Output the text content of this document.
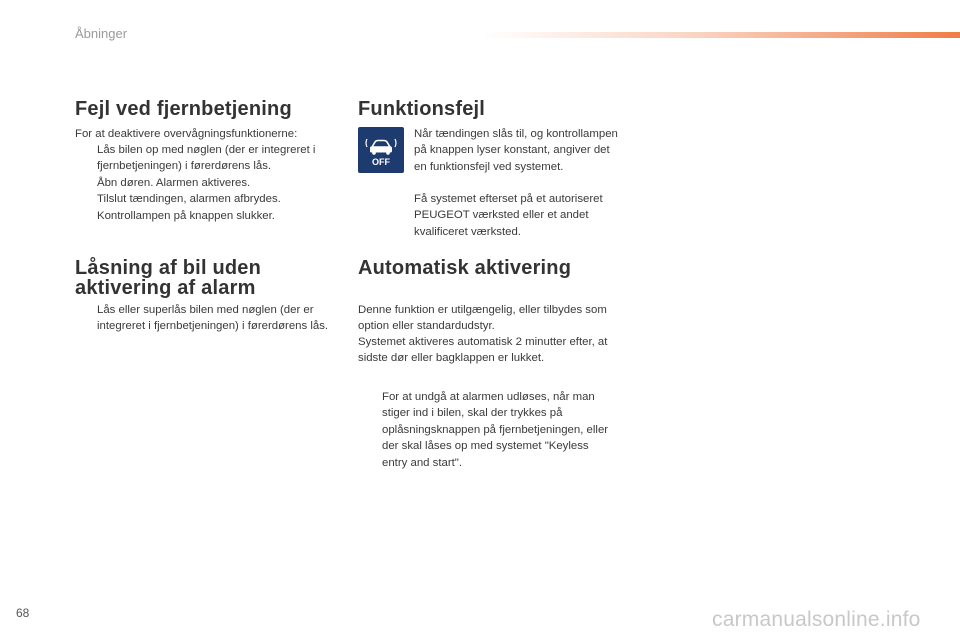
Åbninger
Fejl ved fjernbetjening

For at deaktivere overvågningsfunktionerne:

Lås bilen op med nøglen (der er integreret i fjernbetjeningen) i førerdørens lås.
Åbn døren. Alarmen aktiveres.
Tilslut tændingen, alarmen afbrydes. Kontrollampen på knappen slukker.
Låsning af bil uden
aktivering af alarm
Lås eller superlås bilen med nøglen (der er integreret i fjernbetjeningen) i førerdørens lås.
Funktionsfejl
OFF

Når tændingen slås til, og kontrollampen på knappen lyser konstant, angiver det en funktionsfejl ved systemet.

Få systemet efterset på et autoriseret PEUGEOT værksted eller et andet kvalificeret værksted.

Automatisk aktivering

Denne funktion er utilgængelig, eller tilbydes som option eller standardudstyr.

Systemet aktiveres automatisk 2 minutter efter, at sidste dør eller bagklappen er lukket.

For at undgå at alarmen udløses, når man stiger ind i bilen, skal der trykkes på oplåsningsknappen på fjernbetjeningen, eller der skal låses op med systemet "Keyless entry and start".
68	carmanualsonline.info
